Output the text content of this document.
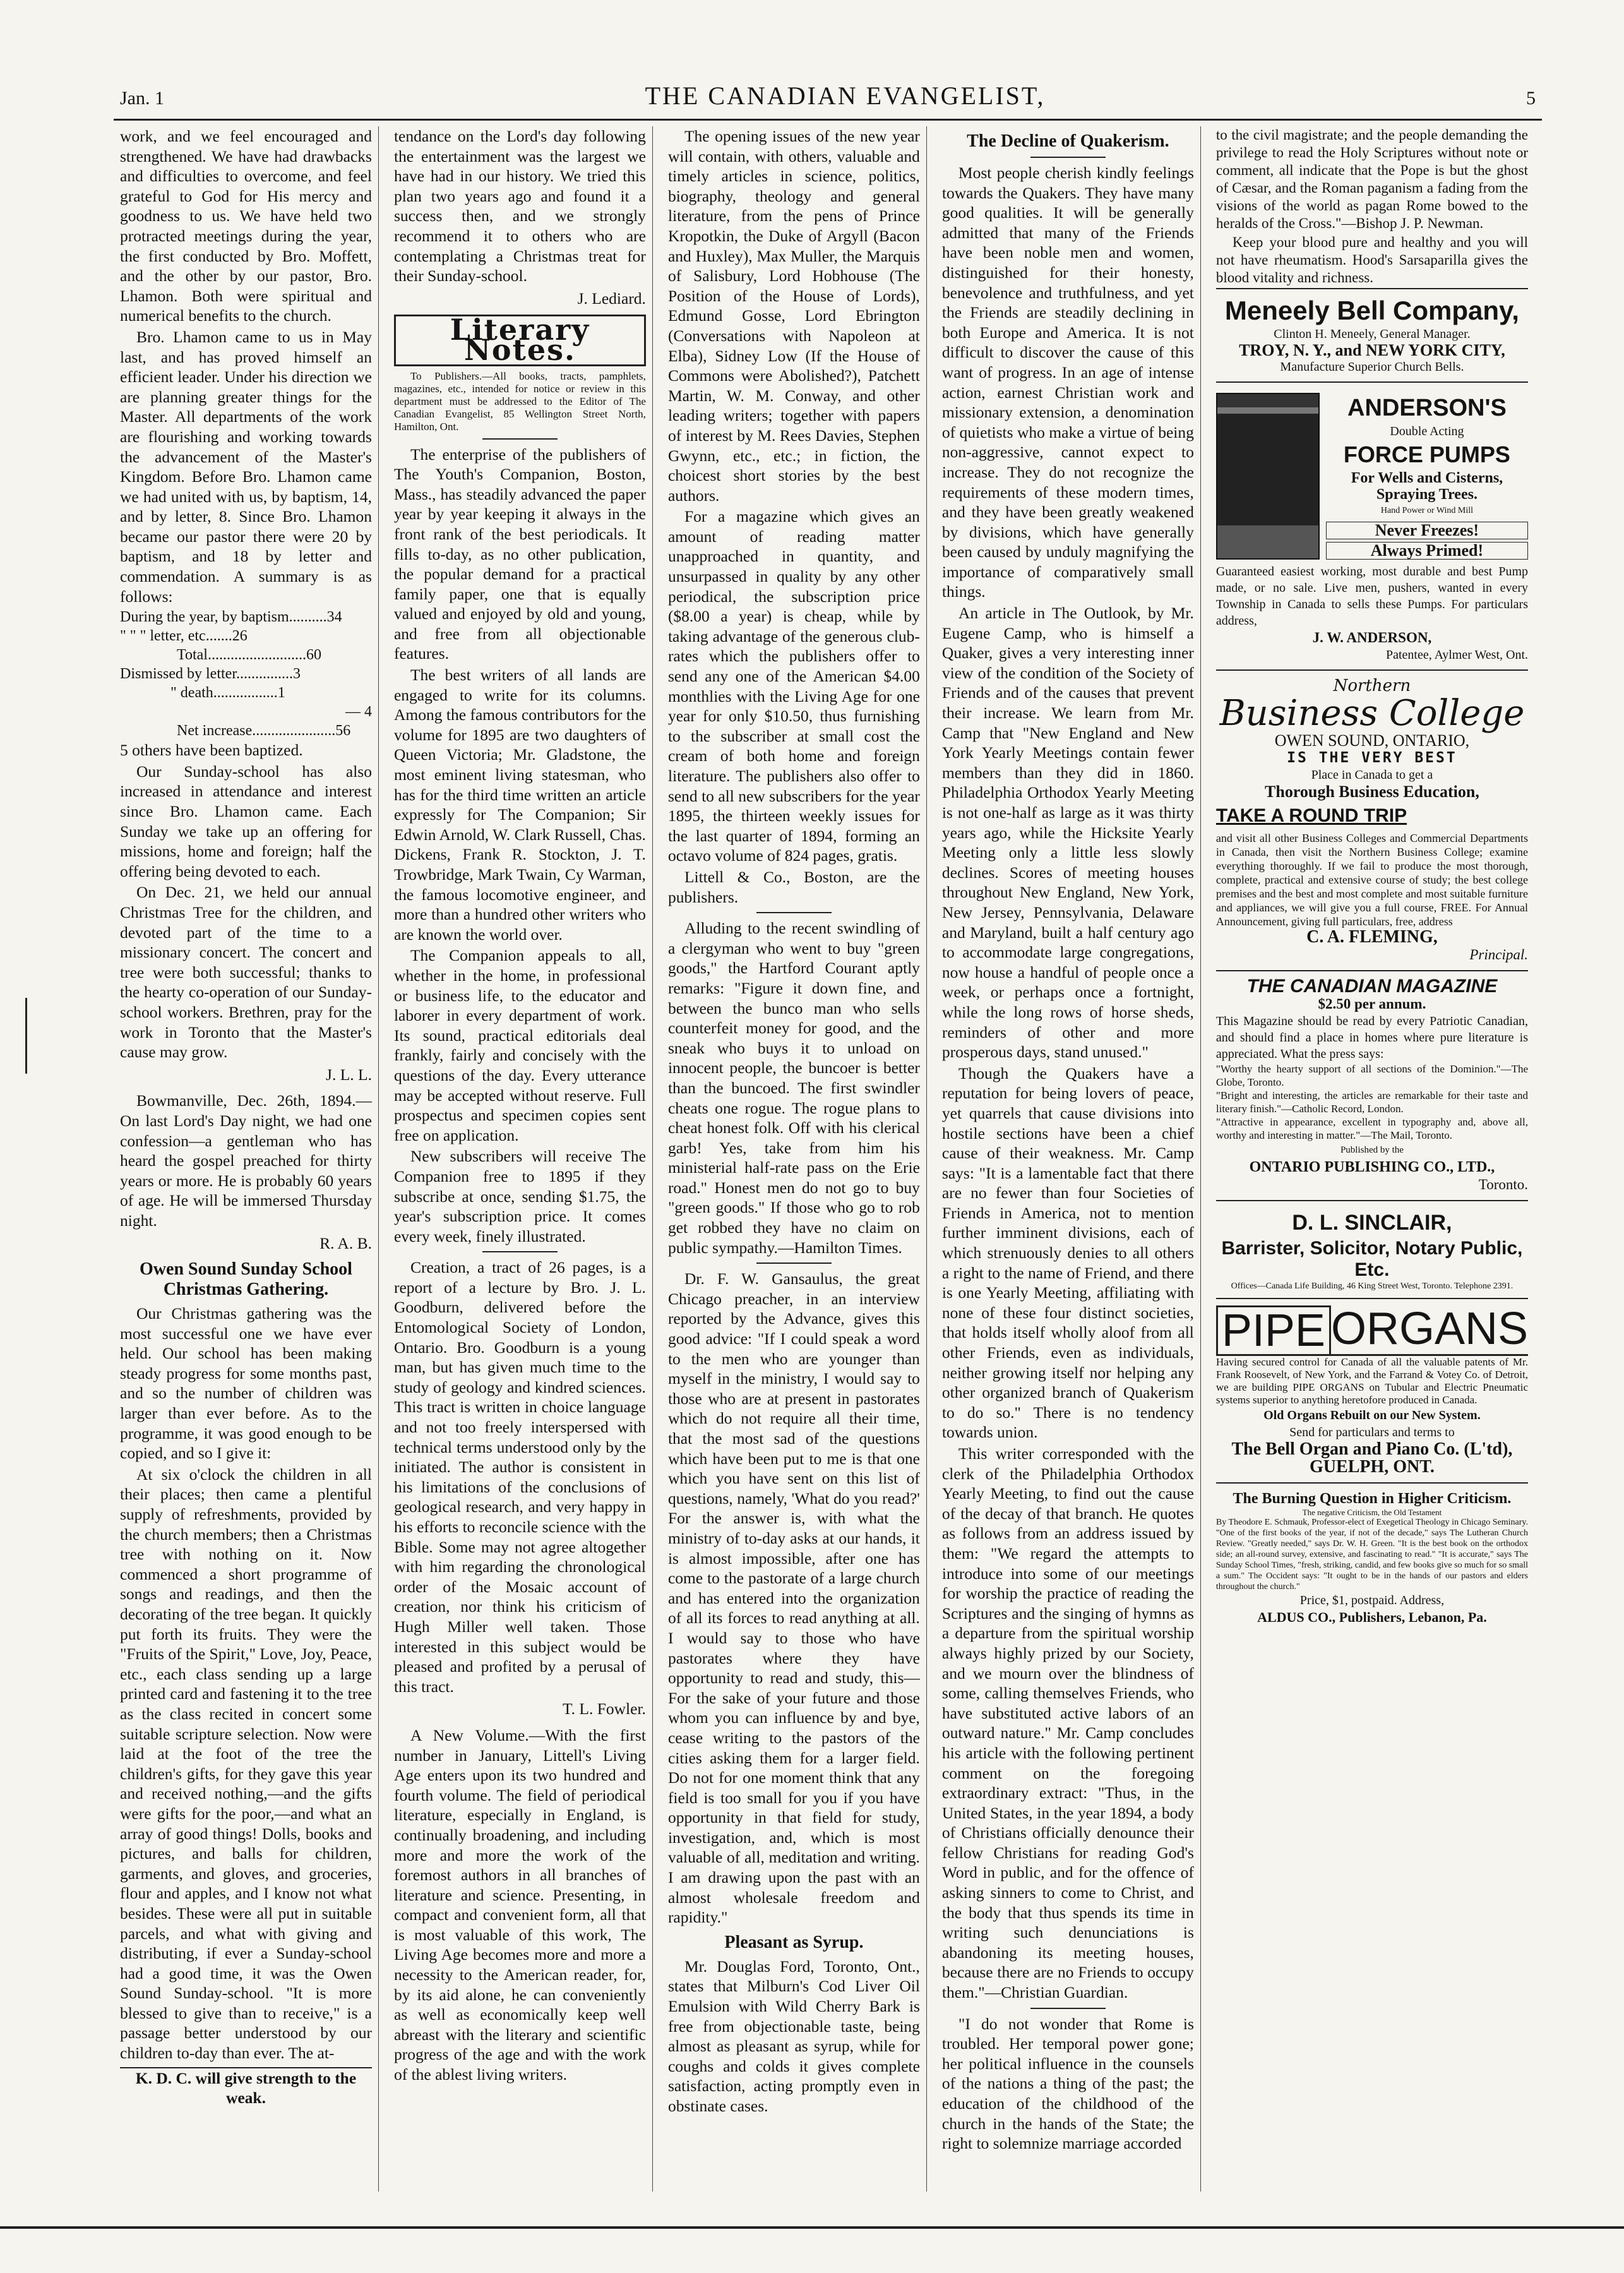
Jan. 1	THE CANADIAN EVANGELIST,	5

work, and we feel encouraged and strengthened. We have had drawbacks and difficulties to overcome, and feel grateful to God for His mercy and goodness to us. We have held two protracted meetings during the year, the first conducted by Bro. Moffett, and the other by our pastor, Bro. Lhamon. Both were spiritual and numerical benefits to the church.

Bro. Lhamon came to us in May last, and has proved himself an efficient leader. Under his direction we are planning greater things for the Master. All departments of the work are flourishing and working towards the advancement of the Master's Kingdom. Before Bro. Lhamon came we had united with us, by baptism, 14, and by letter, 8. Since Bro. Lhamon became our pastor there were 20 by baptism, and 18 by letter and commendation. A summary is as follows:

During the year, by baptism..........34
" " " letter, etc.......26
Total..........................60
Dismissed by letter...............3
" death.................1
— 4
Net increase......................56

5 others have been baptized.

Our Sunday-school has also increased in attendance and interest since Bro. Lhamon came. Each Sunday we take up an offering for missions, home and foreign; half the offering being devoted to each.

On Dec. 21, we held our annual Christmas Tree for the children, and devoted part of the time to a missionary concert. The concert and tree were both successful; thanks to the hearty co-operation of our Sunday-school workers. Brethren, pray for the work in Toronto that the Master's cause may grow.

J. L. L.

Bowmanville, Dec. 26th, 1894.—On last Lord's Day night, we had one confession—a gentleman who has heard the gospel preached for thirty years or more. He is probably 60 years of age. He will be immersed Thursday night.

R. A. B.
Owen Sound Sunday School Christmas Gathering.

Our Christmas gathering was the most successful one we have ever held. Our school has been making steady progress for some months past, and so the number of children was larger than ever before. As to the programme, it was good enough to be copied, and so I give it:

At six o'clock the children in all their places; then came a plentiful supply of refreshments, provided by the church members; then a Christmas tree with nothing on it. Now commenced a short programme of songs and readings, and then the decorating of the tree began. It quickly put forth its fruits. They were the "Fruits of the Spirit," Love, Joy, Peace, etc., each class sending up a large printed card and fastening it to the tree as the class recited in concert some suitable scripture selection. Now were laid at the foot of the tree the children's gifts, for they gave this year and received nothing,—and the gifts were gifts for the poor,—and what an array of good things! Dolls, books and pictures, and balls for children, garments, and gloves, and groceries, flour and apples, and I know not what besides. These were all put in suitable parcels, and what with giving and distributing, if ever a Sunday-school had a good time, it was the Owen Sound Sunday-school. "It is more blessed to give than to receive," is a passage better understood by our children to-day than ever. The at-

K. D. C. will give strength to the weak.

tendance on the Lord's day following the entertainment was the largest we have had in our history. We tried this plan two years ago and found it a success then, and we strongly recommend it to others who are contemplating a Christmas treat for their Sunday-school.

J. Lediard.
Literary Notes.

To Publishers.—All books, tracts, pamphlets, magazines, etc., intended for notice or review in this department must be addressed to the Editor of The Canadian Evangelist, 85 Wellington Street North, Hamilton, Ont.

The enterprise of the publishers of The Youth's Companion, Boston, Mass., has steadily advanced the paper year by year keeping it always in the front rank of the best periodicals. It fills to-day, as no other publication, the popular demand for a practical family paper, one that is equally valued and enjoyed by old and young, and free from all objectionable features.

The best writers of all lands are engaged to write for its columns. Among the famous contributors for the volume for 1895 are two daughters of Queen Victoria; Mr. Gladstone, the most eminent living statesman, who has for the third time written an article expressly for The Companion; Sir Edwin Arnold, W. Clark Russell, Chas. Dickens, Frank R. Stockton, J. T. Trowbridge, Mark Twain, Cy Warman, the famous locomotive engineer, and more than a hundred other writers who are known the world over.

The Companion appeals to all, whether in the home, in professional or business life, to the educator and laborer in every department of work. Its sound, practical editorials deal frankly, fairly and concisely with the questions of the day. Every utterance may be accepted without reserve. Full prospectus and specimen copies sent free on application.

New subscribers will receive The Companion free to 1895 if they subscribe at once, sending $1.75, the year's subscription price. It comes every week, finely illustrated.

Creation, a tract of 26 pages, is a report of a lecture by Bro. J. L. Goodburn, delivered before the Entomological Society of London, Ontario. Bro. Goodburn is a young man, but has given much time to the study of geology and kindred sciences. This tract is written in choice language and not too freely interspersed with technical terms understood only by the initiated. The author is consistent in his limitations of the conclusions of geological research, and very happy in his efforts to reconcile science with the Bible. Some may not agree altogether with him regarding the chronological order of the Mosaic account of creation, nor think his criticism of Hugh Miller well taken. Those interested in this subject would be pleased and profited by a perusal of this tract.

T. L. Fowler.

A New Volume.—With the first number in January, Littell's Living Age enters upon its two hundred and fourth volume. The field of periodical literature, especially in England, is continually broadening, and including more and more the work of the foremost authors in all branches of literature and science. Presenting, in compact and convenient form, all that is most valuable of this work, The Living Age becomes more and more a necessity to the American reader, for, by its aid alone, he can conveniently as well as economically keep well abreast with the literary and scientific progress of the age and with the work of the ablest living writers.

The opening issues of the new year will contain, with others, valuable and timely articles in science, politics, biography, theology and general literature, from the pens of Prince Kropotkin, the Duke of Argyll (Bacon and Huxley), Max Muller, the Marquis of Salisbury, Lord Hobhouse (The Position of the House of Lords), Edmund Gosse, Lord Ebrington (Conversations with Napoleon at Elba), Sidney Low (If the House of Commons were Abolished?), Patchett Martin, W. M. Conway, and other leading writers; together with papers of interest by M. Rees Davies, Stephen Gwynn, etc., etc.; in fiction, the choicest short stories by the best authors.

For a magazine which gives an amount of reading matter unapproached in quantity, and unsurpassed in quality by any other periodical, the subscription price ($8.00 a year) is cheap, while by taking advantage of the generous club-rates which the publishers offer to send any one of the American $4.00 monthlies with the Living Age for one year for only $10.50, thus furnishing to the subscriber at small cost the cream of both home and foreign literature. The publishers also offer to send to all new subscribers for the year 1895, the thirteen weekly issues for the last quarter of 1894, forming an octavo volume of 824 pages, gratis.

Littell & Co., Boston, are the publishers.

Alluding to the recent swindling of a clergyman who went to buy "green goods," the Hartford Courant aptly remarks: "Figure it down fine, and between the bunco man who sells counterfeit money for good, and the sneak who buys it to unload on innocent people, the buncoer is better than the buncoed. The first swindler cheats one rogue. The rogue plans to cheat honest folk. Off with his clerical garb! Yes, take from him his ministerial half-rate pass on the Erie road." Honest men do not go to buy "green goods." If those who go to rob get robbed they have no claim on public sympathy.—Hamilton Times.

Dr. F. W. Gansaulus, the great Chicago preacher, in an interview reported by the Advance, gives this good advice: "If I could speak a word to the men who are younger than myself in the ministry, I would say to those who are at present in pastorates which do not require all their time, that the most sad of the questions which have been put to me is that one which you have sent on this list of questions, namely, 'What do you read?' For the answer is, with what the ministry of to-day asks at our hands, it is almost impossible, after one has come to the pastorate of a large church and has entered into the organization of all its forces to read anything at all. I would say to those who have pastorates where they have opportunity to read and study, this—For the sake of your future and those whom you can influence by and bye, cease writing to the pastors of the cities asking them for a larger field. Do not for one moment think that any field is too small for you if you have opportunity in that field for study, investigation, and, which is most valuable of all, meditation and writing. I am drawing upon the past with an almost wholesale freedom and rapidity."

Pleasant as Syrup.

Mr. Douglas Ford, Toronto, Ont., states that Milburn's Cod Liver Oil Emulsion with Wild Cherry Bark is free from objectionable taste, being almost as pleasant as syrup, while for coughs and colds it gives complete satisfaction, acting promptly even in obstinate cases.

The Decline of Quakerism.

Most people cherish kindly feelings towards the Quakers. They have many good qualities. It will be generally admitted that many of the Friends have been noble men and women, distinguished for their honesty, benevolence and truthfulness, and yet the Friends are steadily declining in both Europe and America. It is not difficult to discover the cause of this want of progress. In an age of intense action, earnest Christian work and missionary extension, a denomination of quietists who make a virtue of being non-aggressive, cannot expect to increase. They do not recognize the requirements of these modern times, and they have been greatly weakened by divisions, which have generally been caused by unduly magnifying the importance of comparatively small things.

An article in The Outlook, by Mr. Eugene Camp, who is himself a Quaker, gives a very interesting inner view of the condition of the Society of Friends and of the causes that prevent their increase. We learn from Mr. Camp that "New England and New York Yearly Meetings contain fewer members than they did in 1860. Philadelphia Orthodox Yearly Meeting is not one-half as large as it was thirty years ago, while the Hicksite Yearly Meeting only a little less slowly declines. Scores of meeting houses throughout New England, New York, New Jersey, Pennsylvania, Delaware and Maryland, built a half century ago to accommodate large congregations, now house a handful of people once a week, or perhaps once a fortnight, while the long rows of horse sheds, reminders of other and more prosperous days, stand unused."

Though the Quakers have a reputation for being lovers of peace, yet quarrels that cause divisions into hostile sections have been a chief cause of their weakness. Mr. Camp says: "It is a lamentable fact that there are no fewer than four Societies of Friends in America, not to mention further imminent divisions, each of which strenuously denies to all others a right to the name of Friend, and there is one Yearly Meeting, affiliating with none of these four distinct societies, that holds itself wholly aloof from all other Friends, even as individuals, neither growing itself nor helping any other organized branch of Quakerism to do so." There is no tendency towards union.

This writer corresponded with the clerk of the Philadelphia Orthodox Yearly Meeting, to find out the cause of the decay of that branch. He quotes as follows from an address issued by them: "We regard the attempts to introduce into some of our meetings for worship the practice of reading the Scriptures and the singing of hymns as a departure from the spiritual worship always highly prized by our Society, and we mourn over the blindness of some, calling themselves Friends, who have substituted active labors of an outward nature." Mr. Camp concludes his article with the following pertinent comment on the foregoing extraordinary extract: "Thus, in the United States, in the year 1894, a body of Christians officially denounce their fellow Christians for reading God's Word in public, and for the offence of asking sinners to come to Christ, and the body that thus spends its time in writing such denunciations is abandoning its meeting houses, because there are no Friends to occupy them."—Christian Guardian.

"I do not wonder that Rome is troubled. Her temporal power gone; her political influence in the counsels of the nations a thing of the past; the education of the childhood of the church in the hands of the State; the right to solemnize marriage accorded

to the civil magistrate; and the people demanding the privilege to read the Holy Scriptures without note or comment, all indicate that the Pope is but the ghost of Cæsar, and the Roman paganism a fading from the visions of the world as pagan Rome bowed to the heralds of the Cross."—Bishop J. P. Newman.

Keep your blood pure and healthy and you will not have rheumatism. Hood's Sarsaparilla gives the blood vitality and richness.

Meneely Bell Company,
Clinton H. Meneely, General Manager.
TROY, N. Y., and NEW YORK CITY,
Manufacture Superior Church Bells.
ANDERSON'S
Double Acting
FORCE PUMPS
For Wells and Cisterns, Spraying Trees.
Hand Power or Wind Mill
Never Freezes!
Always Primed!
Guaranteed easiest working, most durable and best Pump made, or no sale. Live men, pushers, wanted in every Township in Canada to sells these Pumps. For particulars address,
J. W. ANDERSON,
Patentee, Aylmer West, Ont.
Northern
Business College
OWEN SOUND, ONTARIO,
IS THE VERY BEST
Place in Canada to get a
Thorough Business Education,
TAKE A ROUND TRIP
and visit all other Business Colleges and Commercial Departments in Canada, then visit the Northern Business College; examine everything thoroughly. If we fail to produce the most thorough, complete, practical and extensive course of study; the best college premises and the best and most complete and most suitable furniture and appliances, we will give you a full course, FREE. For Annual Announcement, giving full particulars, free, address
C. A. FLEMING,
Principal.
THE CANADIAN MAGAZINE
$2.50 per annum.
This Magazine should be read by every Patriotic Canadian, and should find a place in homes where pure literature is appreciated. What the press says:
"Worthy the hearty support of all sections of the Dominion."—The Globe, Toronto.
"Bright and interesting, the articles are remarkable for their taste and literary finish."—Catholic Record, London.
"Attractive in appearance, excellent in typography and, above all, worthy and interesting in matter."—The Mail, Toronto.
Published by the
ONTARIO PUBLISHING CO., LTD.,
Toronto.
D. L. SINCLAIR,
Barrister, Solicitor, Notary Public, Etc.
Offices—Canada Life Building, 46 King Street West, Toronto. Telephone 2391.
PIPE ORGANS
Having secured control for Canada of all the valuable patents of Mr. Frank Roosevelt, of New York, and the Farrand & Votey Co. of Detroit, we are building PIPE ORGANS on Tubular and Electric Pneumatic systems superior to anything heretofore produced in Canada.
Old Organs Rebuilt on our New System.
Send for particulars and terms to
The Bell Organ and Piano Co. (L'td),
GUELPH, ONT.
The Burning Question in Higher Criticism.
The negative Criticism, the Old Testament
By Theodore E. Schmauk, Professor-elect of Exegetical Theology in Chicago Seminary. "One of the first books of the year, if not of the decade," says The Lutheran Church Review. "Greatly needed," says Dr. W. H. Green. "It is the best book on the orthodox side; an all-round survey, extensive, and fascinating to read." "It is accurate," says The Sunday School Times, "fresh, striking, candid, and few books give so much for so small a sum." The Occident says: "It ought to be in the hands of our pastors and elders throughout the church."
Price, $1, postpaid. Address,
ALDUS CO., Publishers, Lebanon, Pa.
